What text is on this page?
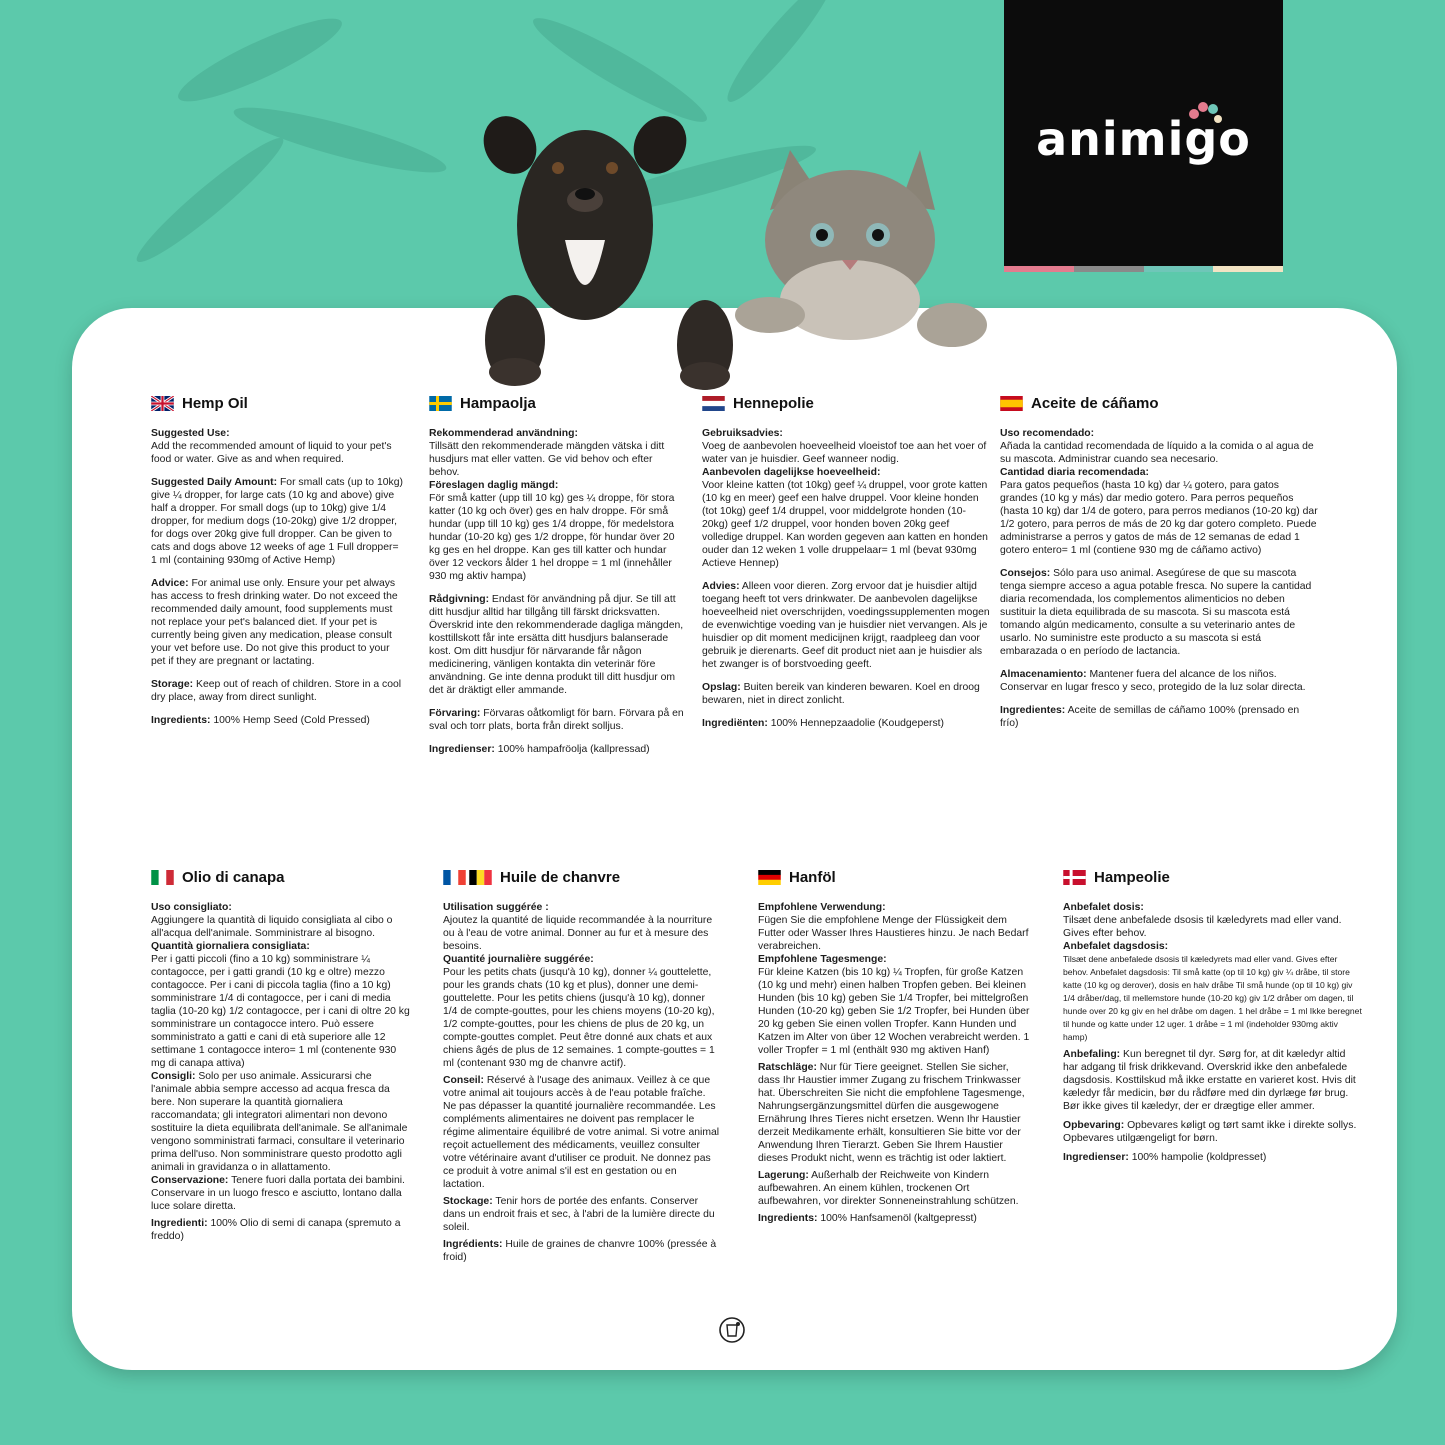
animigo
Hemp Oil
Suggested Use:
Add the recommended amount of liquid to your pet's food or water. Give as and when required.
Suggested Daily Amount: For small cats (up to 10kg) give ¼ dropper, for large cats (10 kg and above) give half a dropper. For small dogs (up to 10kg) give 1/4 dropper, for medium dogs (10-20kg) give 1/2 dropper, for dogs over 20kg give full dropper. Can be given to cats and dogs above 12 weeks of age 1 Full dropper= 1 ml (containing 930mg of Active Hemp)
Advice: For animal use only. Ensure your pet always has access to fresh drinking water. Do not exceed the recommended daily amount, food supplements must not replace your pet's balanced diet. If your pet is currently being given any medication, please consult your vet before use. Do not give this product to your pet if they are pregnant or lactating.
Storage: Keep out of reach of children. Store in a cool dry place, away from direct sunlight.
Ingredients: 100% Hemp Seed (Cold Pressed)
Hampaolja
Rekommenderad användning:
Tillsätt den rekommenderade mängden vätska i ditt husdjurs mat eller vatten. Ge vid behov och efter behov.
Föreslagen daglig mängd:
För små katter (upp till 10 kg) ges ¼ droppe, för stora katter (10 kg och över) ges en halv droppe. För små hundar (upp till 10 kg) ges 1/4 droppe, för medelstora hundar (10-20 kg) ges 1/2 droppe, för hundar över 20 kg ges en hel droppe. Kan ges till katter och hundar över 12 veckors ålder 1 hel droppe = 1 ml (innehåller 930 mg aktiv hampa)
Rådgivning: Endast för användning på djur. Se till att ditt husdjur alltid har tillgång till färskt dricksvatten. Överskrid inte den rekommenderade dagliga mängden, kosttillskott får inte ersätta ditt husdjurs balanserade kost. Om ditt husdjur för närvarande får någon medicinering, vänligen kontakta din veterinär före användning. Ge inte denna produkt till ditt husdjur om det är dräktigt eller ammande.
Förvaring: Förvaras oåtkomligt för barn. Förvara på en sval och torr plats, borta från direkt solljus.
Ingredienser: 100% hampafröolja (kallpressad)
Hennepolie
Gebruiksadvies:
Voeg de aanbevolen hoeveelheid vloeistof toe aan het voer of water van je huisdier. Geef wanneer nodig.
Aanbevolen dagelijkse hoeveelheid:
Voor kleine katten (tot 10kg) geef ¼ druppel, voor grote katten (10 kg en meer) geef een halve druppel. Voor kleine honden (tot 10kg) geef 1/4 druppel, voor middelgrote honden (10-20kg) geef 1/2 druppel, voor honden boven 20kg geef volledige druppel. Kan worden gegeven aan katten en honden ouder dan 12 weken 1 volle druppelaar= 1 ml (bevat 930mg Actieve Hennep)
Advies: Alleen voor dieren. Zorg ervoor dat je huisdier altijd toegang heeft tot vers drinkwater. De aanbevolen dagelijkse hoeveelheid niet overschrijden, voedingssupplementen mogen de evenwichtige voeding van je huisdier niet vervangen. Als je huisdier op dit moment medicijnen krijgt, raadpleeg dan voor gebruik je dierenarts. Geef dit product niet aan je huisdier als het zwanger is of borstvoeding geeft.
Opslag: Buiten bereik van kinderen bewaren. Koel en droog bewaren, niet in direct zonlicht.
Ingrediënten: 100% Hennepzaadolie (Koudgeperst)
Aceite de cáñamo
Uso recomendado:
Añada la cantidad recomendada de líquido a la comida o al agua de su mascota. Administrar cuando sea necesario.
Cantidad diaria recomendada:
Para gatos pequeños (hasta 10 kg) dar ¼ gotero, para gatos grandes (10 kg y más) dar medio gotero. Para perros pequeños (hasta 10 kg) dar 1/4 de gotero, para perros medianos (10-20 kg) dar 1/2 gotero, para perros de más de 20 kg dar gotero completo. Puede administrarse a perros y gatos de más de 12 semanas de edad 1 gotero entero= 1 ml (contiene 930 mg de cáñamo activo)
Consejos: Sólo para uso animal. Asegúrese de que su mascota tenga siempre acceso a agua potable fresca. No supere la cantidad diaria recomendada, los complementos alimenticios no deben sustituir la dieta equilibrada de su mascota. Si su mascota está tomando algún medicamento, consulte a su veterinario antes de usarlo. No suministre este producto a su mascota si está embarazada o en período de lactancia.
Almacenamiento: Mantener fuera del alcance de los niños. Conservar en lugar fresco y seco, protegido de la luz solar directa.
Ingredientes: Aceite de semillas de cáñamo 100% (prensado en frío)
Olio di canapa
Uso consigliato:
Aggiungere la quantità di liquido consigliata al cibo o all'acqua dell'animale. Somministrare al bisogno.
Quantità giornaliera consigliata:
Per i gatti piccoli (fino a 10 kg) somministrare ¼ contagocce, per i gatti grandi (10 kg e oltre) mezzo contagocce. Per i cani di piccola taglia (fino a 10 kg) somministrare 1/4 di contagocce, per i cani di media taglia (10-20 kg) 1/2 contagocce, per i cani di oltre 20 kg somministrare un contagocce intero. Può essere somministrato a gatti e cani di età superiore alle 12 settimane 1 contagocce intero= 1 ml (contenente 930 mg di canapa attiva)
Consigli: Solo per uso animale. Assicurarsi che l'animale abbia sempre accesso ad acqua fresca da bere. Non superare la quantità giornaliera raccomandata; gli integratori alimentari non devono sostituire la dieta equilibrata dell'animale. Se all'animale vengono somministrati farmaci, consultare il veterinario prima dell'uso. Non somministrare questo prodotto agli animali in gravidanza o in allattamento.
Conservazione: Tenere fuori dalla portata dei bambini. Conservare in un luogo fresco e asciutto, lontano dalla luce solare diretta.
Ingredienti: 100% Olio di semi di canapa (spremuto a freddo)
Huile de chanvre
Utilisation suggérée :
Ajoutez la quantité de liquide recommandée à la nourriture ou à l'eau de votre animal. Donner au fur et à mesure des besoins.
Quantité journalière suggérée:
Pour les petits chats (jusqu'à 10 kg), donner ¼ gouttelette, pour les grands chats (10 kg et plus), donner une demi-gouttelette. Pour les petits chiens (jusqu'à 10 kg), donner 1/4 de compte-gouttes, pour les chiens moyens (10-20 kg), 1/2 compte-gouttes, pour les chiens de plus de 20 kg, un compte-gouttes complet. Peut être donné aux chats et aux chiens âgés de plus de 12 semaines. 1 compte-gouttes = 1 ml (contenant 930 mg de chanvre actif).
Conseil: Réservé à l'usage des animaux. Veillez à ce que votre animal ait toujours accès à de l'eau potable fraîche. Ne pas dépasser la quantité journalière recommandée. Les compléments alimentaires ne doivent pas remplacer le régime alimentaire équilibré de votre animal. Si votre animal reçoit actuellement des médicaments, veuillez consulter votre vétérinaire avant d'utiliser ce produit. Ne donnez pas ce produit à votre animal s'il est en gestation ou en lactation.
Stockage: Tenir hors de portée des enfants. Conserver dans un endroit frais et sec, à l'abri de la lumière directe du soleil.
Ingrédients: Huile de graines de chanvre 100% (pressée à froid)
Hanföl
Empfohlene Verwendung:
Fügen Sie die empfohlene Menge der Flüssigkeit dem Futter oder Wasser Ihres Haustieres hinzu. Je nach Bedarf verabreichen.
Empfohlene Tagesmenge:
Für kleine Katzen (bis 10 kg) ¼ Tropfen, für große Katzen (10 kg und mehr) einen halben Tropfen geben. Bei kleinen Hunden (bis 10 kg) geben Sie 1/4 Tropfer, bei mittelgroßen Hunden (10-20 kg) geben Sie 1/2 Tropfer, bei Hunden über 20 kg geben Sie einen vollen Tropfer. Kann Hunden und Katzen im Alter von über 12 Wochen verabreicht werden. 1 voller Tropfer = 1 ml (enthält 930 mg aktiven Hanf)
Ratschläge: Nur für Tiere geeignet. Stellen Sie sicher, dass Ihr Haustier immer Zugang zu frischem Trinkwasser hat. Überschreiten Sie nicht die empfohlene Tagesmenge, Nahrungsergänzungsmittel dürfen die ausgewogene Ernährung Ihres Tieres nicht ersetzen. Wenn Ihr Haustier derzeit Medikamente erhält, konsultieren Sie bitte vor der Anwendung Ihren Tierarzt. Geben Sie Ihrem Haustier dieses Produkt nicht, wenn es trächtig ist oder laktiert.
Lagerung: Außerhalb der Reichweite von Kindern aufbewahren. An einem kühlen, trockenen Ort aufbewahren, vor direkter Sonneneinstrahlung schützen.
Ingredients: 100% Hanfsamenöl (kaltgepresst)
Hampeolie
Anbefalet dosis:
Tilsæt dene anbefalede dsosis til kæledyrets mad eller vand. Gives efter behov.
Anbefalet dagsdosis:
Tilsæt dene anbefalede dsosis til kæledyrets mad eller vand. Gives efter behov. Anbefalet dagsdosis: Til små katte (op til 10 kg) giv ¼ dråbe, til store katte (10 kg og derover), dosis en halv dråbe Til små hunde (op til 10 kg) giv 1/4 dråber/dag, til mellemstore hunde (10-20 kg) giv 1/2 dråber om dagen, til hunde over 20 kg giv en hel dråbe om dagen. 1 hel dråbe = 1 ml Ikke beregnet til hunde og katte under 12 uger. 1 dråbe = 1 ml (indeholder 930mg aktiv hamp)
Anbefaling: Kun beregnet til dyr. Sørg for, at dit kæledyr altid har adgang til frisk drikkevand. Overskrid ikke den anbefalede dagsdosis. Kosttilskud må ikke erstatte en varieret kost. Hvis dit kæledyr får medicin, bør du rådføre med din dyrlæge før brug. Bør ikke gives til kæledyr, der er drægtige eller ammer.
Opbevaring: Opbevares køligt og tørt samt ikke i direkte sollys. Opbevares utilgængeligt for børn.
Ingredienser: 100% hampolie (koldpresset)
